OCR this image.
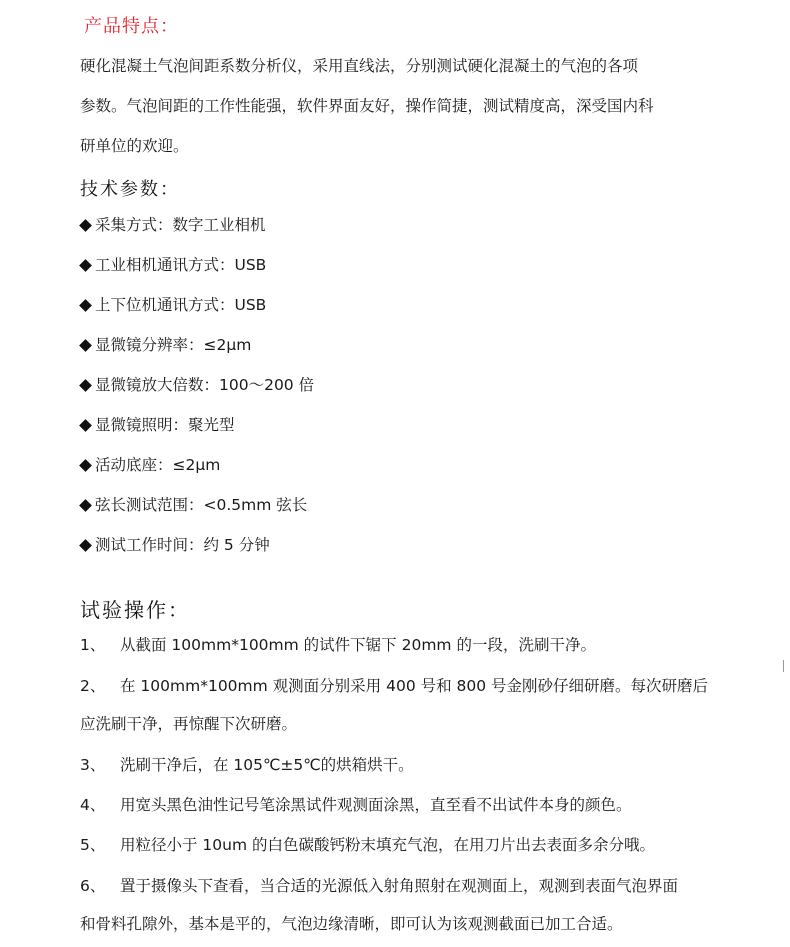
产品特点：
硬化混凝土气泡间距系数分析仪，采用直线法，分别测试硬化混凝土的气泡的各项
参数。气泡间距的工作性能强，软件界面友好，操作简捷，测试精度高，深受国内科
研单位的欢迎。
技术参数：
采集方式：数字工业相机
工业相机通讯方式：USB
上下位机通讯方式：USB
显微镜分辨率：≤2μm
显微镜放大倍数：100～200 倍
显微镜照明：聚光型
活动底座：≤2μm
弦长测试范围：<0.5mm 弦长
测试工作时间：约 5 分钟
试验操作：
1、 从截面 100mm*100mm 的试件下锯下 20mm 的一段，洗刷干净。
2、 在 100mm*100mm 观测面分别采用 400 号和 800 号金刚砂仔细研磨。每次研磨后
应洗刷干净，再惊醒下次研磨。
3、 洗刷干净后，在 105℃±5℃的烘箱烘干。
4、 用宽头黑色油性记号笔涂黑试件观测面涂黑，直至看不出试件本身的颜色。
5、 用粒径小于 10um 的白色碳酸钙粉末填充气泡，在用刀片出去表面多余分哦。
6、 置于摄像头下查看，当合适的光源低入射角照射在观测面上，观测到表面气泡界面
和骨料孔隙外，基本是平的，气泡边缘清晰，即可认为该观测截面已加工合适。
